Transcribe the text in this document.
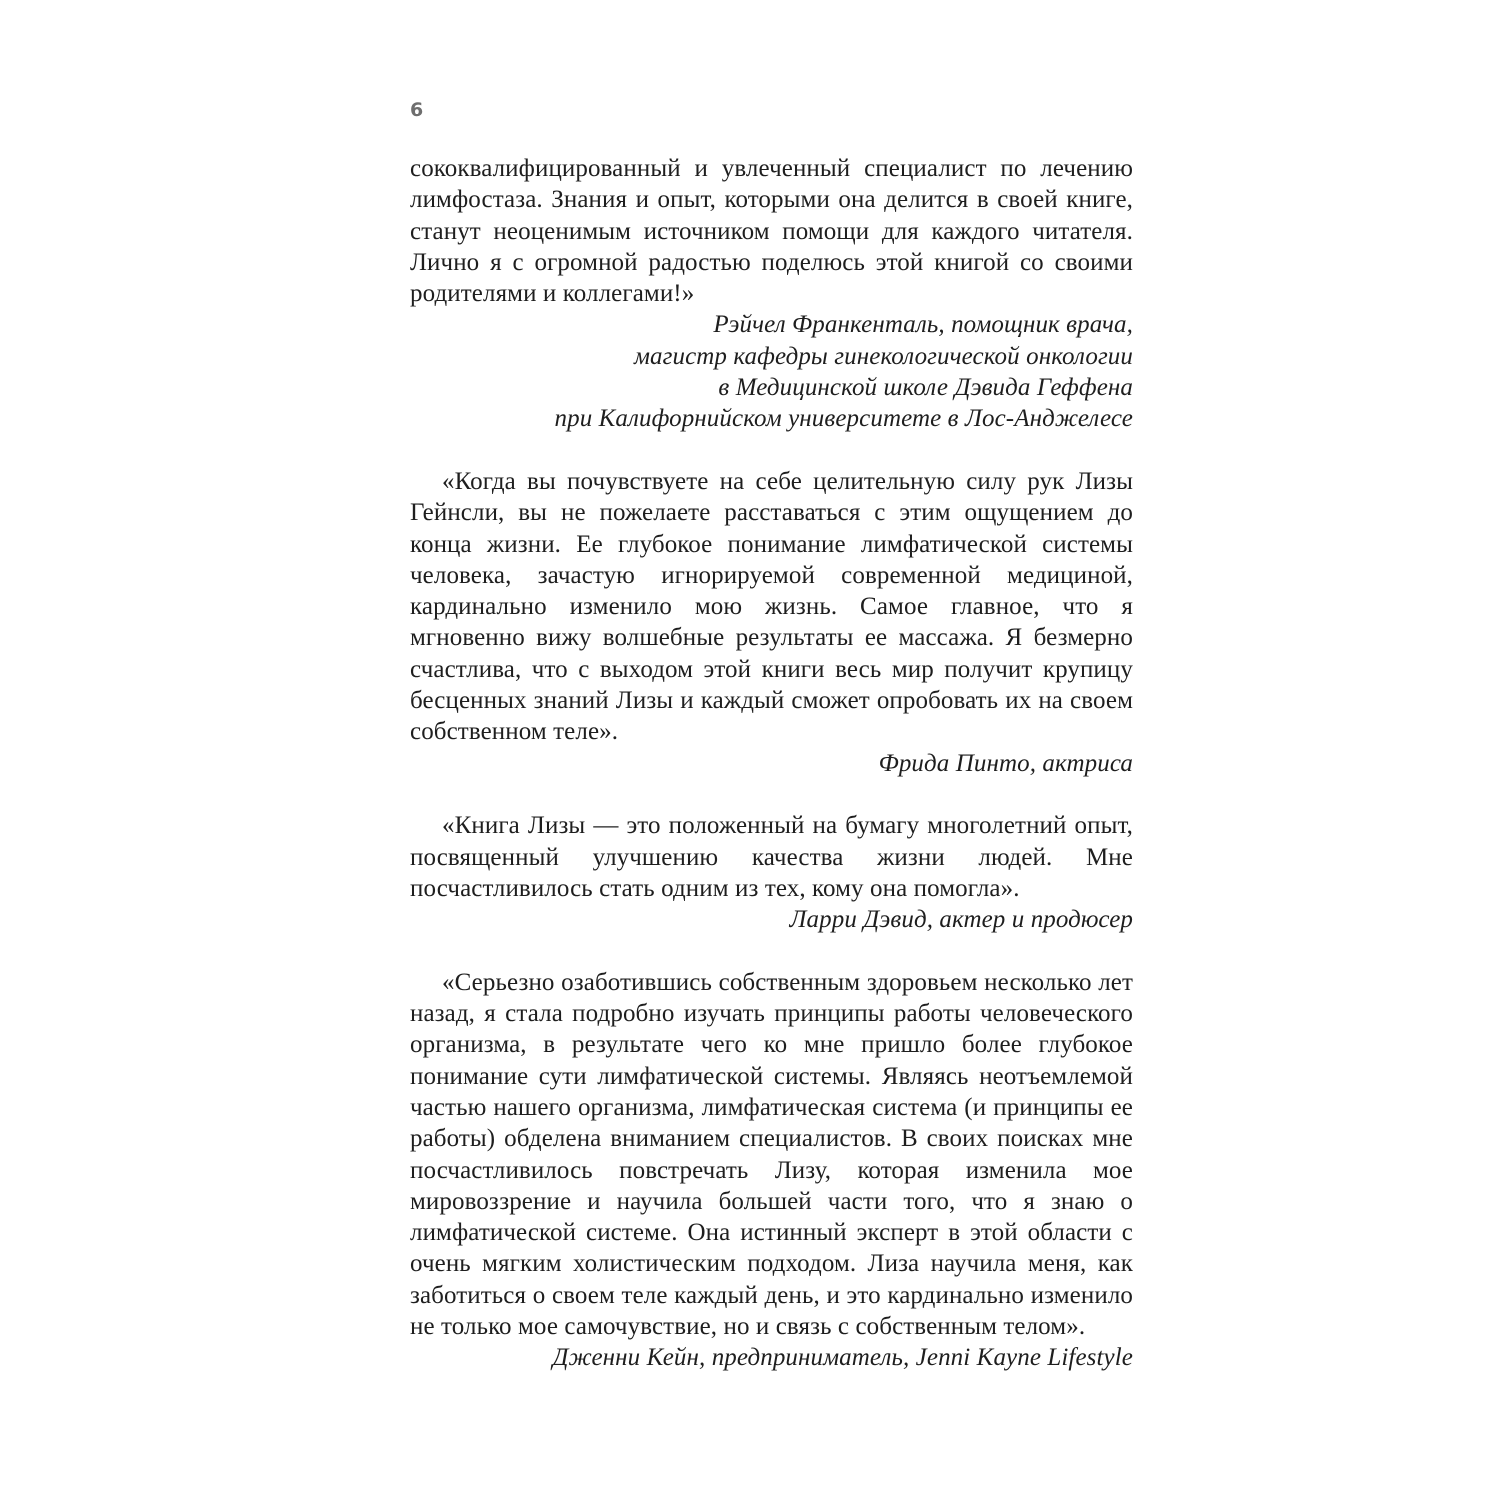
6

сококвалифицированный и увлеченный специалист по лечению лимфостаза. Знания и опыт, которыми она делится в своей книге, станут неоценимым источником помощи для каждого читателя. Лично я с огромной радостью поделюсь этой книгой со своими родителями и коллегами!»

Рэйчел Франкенталь, помощник врача,
магистр кафедры гинекологической онкологии
в Медицинской школе Дэвида Геффена
при Калифорнийском университете в Лос-Анджелесе

«Когда вы почувствуете на себе целительную силу рук Лизы Гейнсли, вы не пожелаете расставаться с этим ощущением до конца жизни. Ее глубокое понимание лимфатической системы человека, зачастую игнорируемой современной медициной, кардинально изменило мою жизнь. Самое главное, что я мгновенно вижу волшебные результаты ее массажа. Я безмерно счастлива, что с выходом этой книги весь мир получит крупицу бесценных знаний Лизы и каждый сможет опробовать их на своем собственном теле».

Фрида Пинто, актриса

«Книга Лизы — это положенный на бумагу многолетний опыт, посвященный улучшению качества жизни людей. Мне посчастливилось стать одним из тех, кому она помогла».

Ларри Дэвид, актер и продюсер

«Серьезно озаботившись собственным здоровьем несколько лет назад, я стала подробно изучать принципы работы человеческого организма, в результате чего ко мне пришло более глубокое понимание сути лимфатической системы. Являясь неотъемлемой частью нашего организма, лимфатическая система (и принципы ее работы) обделена вниманием специалистов. В своих поисках мне посчастливилось повстречать Лизу, которая изменила мое мировоззрение и научила большей части того, что я знаю о лимфатической системе. Она истинный эксперт в этой области с очень мягким холистическим подходом. Лиза научила меня, как заботиться о своем теле каждый день, и это кардинально изменило не только мое самочувствие, но и связь с собственным телом».

Дженни Кейн, предприниматель, Jenni Kayne Lifestyle
